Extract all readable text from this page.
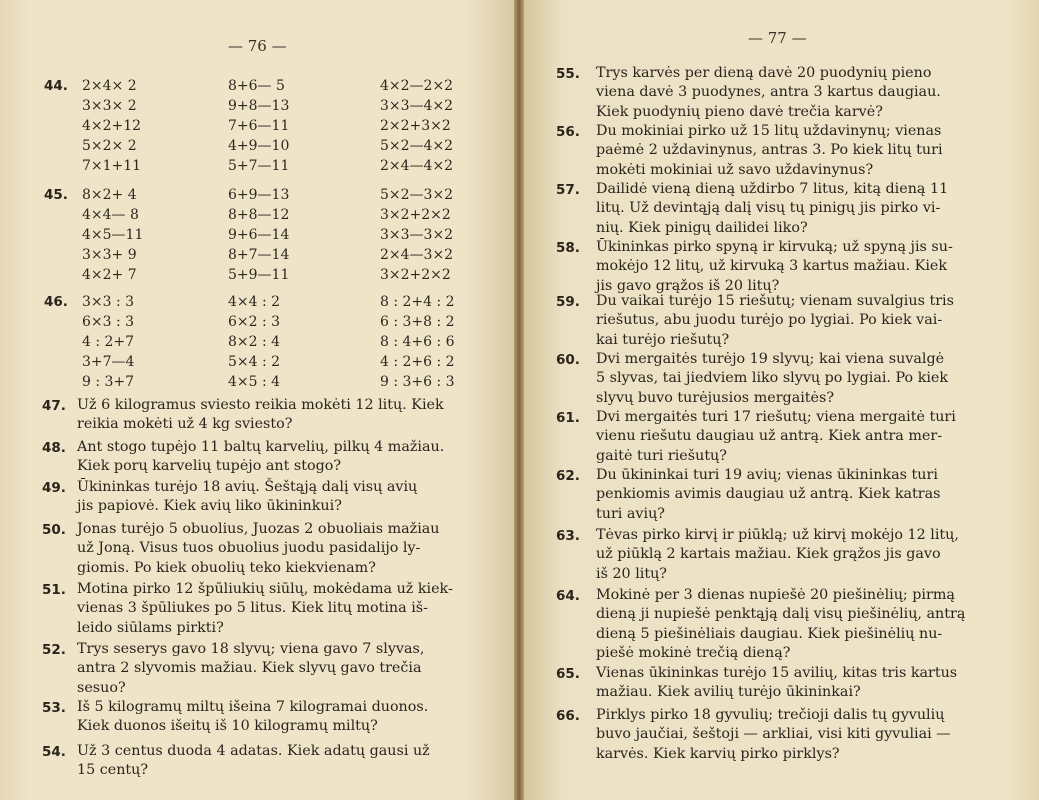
— 76 —	— 77 —
44. 2×4× 2
3×3× 2
4×2+12
5×2× 2
7×1+11
8+6— 5
9+8—13
7+6—11
4+9—10
5+7—11
4×2—2×2
3×3—4×2
2×2+3×2
5×2—4×2
2×4—4×2
45. 8×2+ 4
4×4— 8
4×5—11
3×3+ 9
4×2+ 7
6+9—13
8+8—12
9+6—14
8+7—14
5+9—11
5×2—3×2
3×2+2×2
3×3—3×2
2×4—3×2
3×2+2×2
46. 3×3 : 3
6×3 : 3
4 : 2+7
3+7—4
9 : 3+7
4×4 : 2
6×2 : 3
8×2 : 4
5×4 : 2
4×5 : 4
8 : 2+4 : 2
6 : 3+8 : 2
8 : 4+6 : 6
4 : 2+6 : 2
9 : 3+6 : 3
47. Už 6 kilogramus sviesto reikia mokėti 12 litų. Kiek
reikia mokėti už 4 kg sviesto?
48. Ant stogo tupėjo 11 baltų karvelių, pilkų 4 mažiau.
Kiek porų karvelių tupėjo ant stogo?
49. Ūkininkas turėjo 18 avių. Šeštąją dalį visų avių
jis papiovė. Kiek avių liko ūkininkui?
50. Jonas turėjo 5 obuolius, Juozas 2 obuoliais mažiau
už Joną. Visus tuos obuolius juodu pasidalijo ly-
giomis. Po kiek obuolių teko kiekvienam?
51. Motina pirko 12 špūliukių siūlų, mokėdama už kiek-
vienas 3 špūliukes po 5 litus. Kiek litų motina iš-
leido siūlams pirkti?
52. Trys seserys gavo 18 slyvų; viena gavo 7 slyvas,
antra 2 slyvomis mažiau. Kiek slyvų gavo trečia
sesuo?
53. Iš 5 kilogramų miltų išeina 7 kilogramai duonos.
Kiek duonos išeitų iš 10 kilogramų miltų?
54. Už 3 centus duoda 4 adatas. Kiek adatų gausi už
15 centų?
55. Trys karvės per dieną davė 20 puodynių pieno
viena davė 3 puodynes, antra 3 kartus daugiau.
Kiek puodynių pieno davė trečia karvė?
56. Du mokiniai pirko už 15 litų uždavinynų; vienas
paėmė 2 uždavinynus, antras 3. Po kiek litų turi
mokėti mokiniai už savo uždavinynus?
57. Dailidė vieną dieną uždirbo 7 litus, kitą dieną 11
litų. Už devintąją dalį visų tų pinigų jis pirko vi-
nių. Kiek pinigų dailidei liko?
58. Ūkininkas pirko spyną ir kirvuką; už spyną jis su-
mokėjo 12 litų, už kirvuką 3 kartus mažiau. Kiek
jis gavo grąžos iš 20 litų?
59. Du vaikai turėjo 15 riešutų; vienam suvalgius tris
riešutus, abu juodu turėjo po lygiai. Po kiek vai-
kai turėjo riešutų?
60. Dvi mergaitės turėjo 19 slyvų; kai viena suvalgė
5 slyvas, tai jiedviem liko slyvų po lygiai. Po kiek
slyvų buvo turėjusios mergaitės?
61. Dvi mergaitės turi 17 riešutų; viena mergaitė turi
vienu riešutu daugiau už antrą. Kiek antra mer-
gaitė turi riešutų?
62. Du ūkininkai turi 19 avių; vienas ūkininkas turi
penkiomis avimis daugiau už antrą. Kiek katras
turi avių?
63. Tėvas pirko kirvį ir piūklą; už kirvį mokėjo 12 litų,
už piūklą 2 kartais mažiau. Kiek grąžos jis gavo
iš 20 litų?
64. Mokinė per 3 dienas nupiešė 20 piešinėlių; pirmą
dieną ji nupiešė penktąją dalį visų piešinėlių, antrą
dieną 5 piešinėliais daugiau. Kiek piešinėlių nu-
piešė mokinė trečią dieną?
65. Vienas ūkininkas turėjo 15 avilių, kitas tris kartus
mažiau. Kiek avilių turėjo ūkininkai?
66. Pirklys pirko 18 gyvulių; trečioji dalis tų gyvulių
buvo jaučiai, šeštoji — arkliai, visi kiti gyvuliai —
karvės. Kiek karvių pirko pirklys?
